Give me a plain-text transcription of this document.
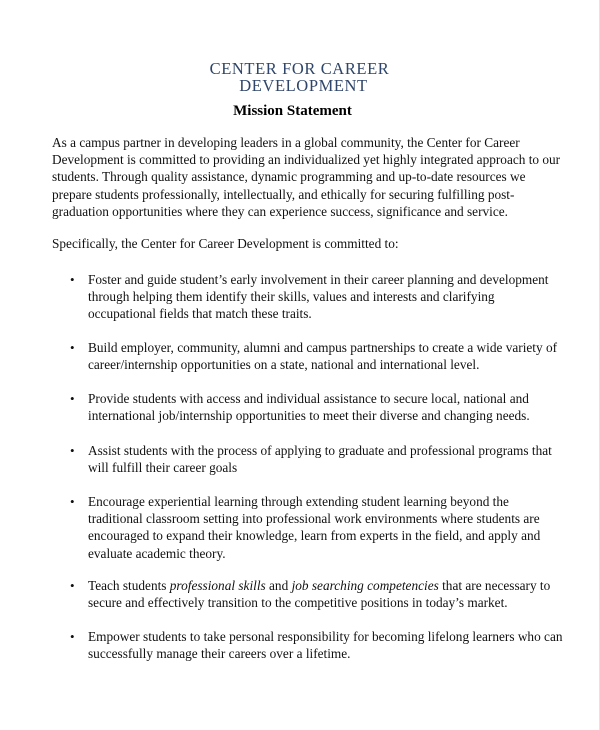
CENTER FOR CAREER
DEVELOPMENT
Mission Statement
As a campus partner in developing leaders in a global community, the Center for Career Development is committed to providing an individualized yet highly integrated approach to our students. Through quality assistance, dynamic programming and up-to-date resources we prepare students professionally, intellectually, and ethically for securing fulfilling post-graduation opportunities where they can experience success, significance and service.
Specifically, the Center for Career Development is committed to:
• Foster and guide student’s early involvement in their career planning and development through helping them identify their skills, values and interests and clarifying occupational fields that match these traits.
• Build employer, community, alumni and campus partnerships to create a wide variety of career/internship opportunities on a state, national and international level.
• Provide students with access and individual assistance to secure local, national and international job/internship opportunities to meet their diverse and changing needs.
• Assist students with the process of applying to graduate and professional programs that will fulfill their career goals
• Encourage experiential learning through extending student learning beyond the traditional classroom setting into professional work environments where students are encouraged to expand their knowledge, learn from experts in the field, and apply and evaluate academic theory.
• Teach students professional skills and job searching competencies that are necessary to secure and effectively transition to the competitive positions in today’s market.
• Empower students to take personal responsibility for becoming lifelong learners who can successfully manage their careers over a lifetime.
